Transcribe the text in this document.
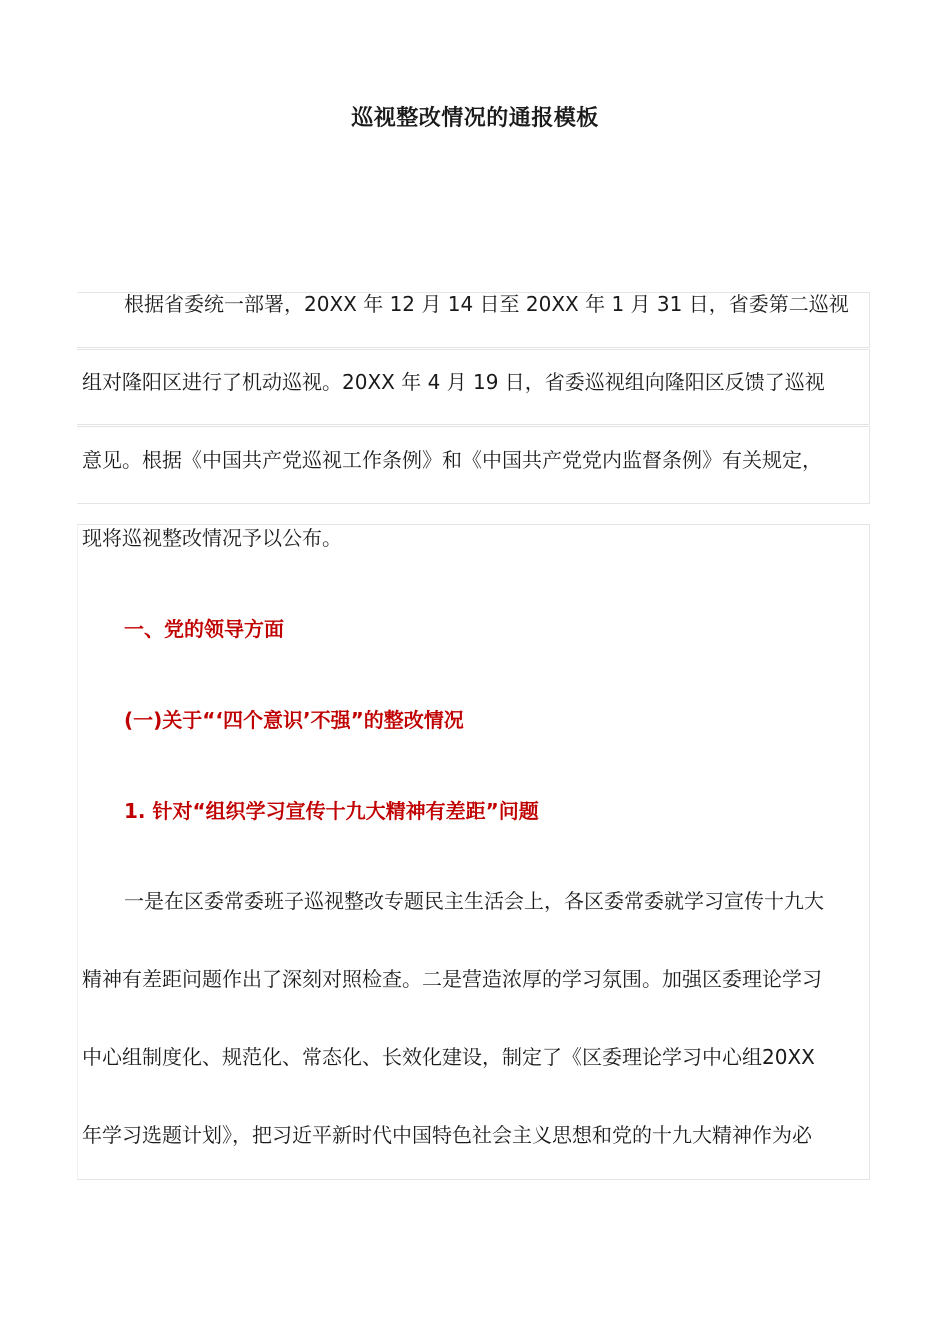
巡视整改情况的通报模板
根据省委统一部署，20XX 年 12 月 14 日至 20XX 年 1 月 31 日，省委第二巡视
组对隆阳区进行了机动巡视。20XX 年 4 月 19 日，省委巡视组向隆阳区反馈了巡视
意见。根据《中国共产党巡视工作条例》和《中国共产党党内监督条例》有关规定，
现将巡视整改情况予以公布。
一、党的领导方面
(一)关于“‘四个意识’不强”的整改情况
1. 针对“组织学习宣传十九大精神有差距”问题
一是在区委常委班子巡视整改专题民主生活会上，各区委常委就学习宣传十九大
精神有差距问题作出了深刻对照检查。二是营造浓厚的学习氛围。加强区委理论学习
中心组制度化、规范化、常态化、长效化建设，制定了《区委理论学习中心组20XX
年学习选题计划》，把习近平新时代中国特色社会主义思想和党的十九大精神作为必
